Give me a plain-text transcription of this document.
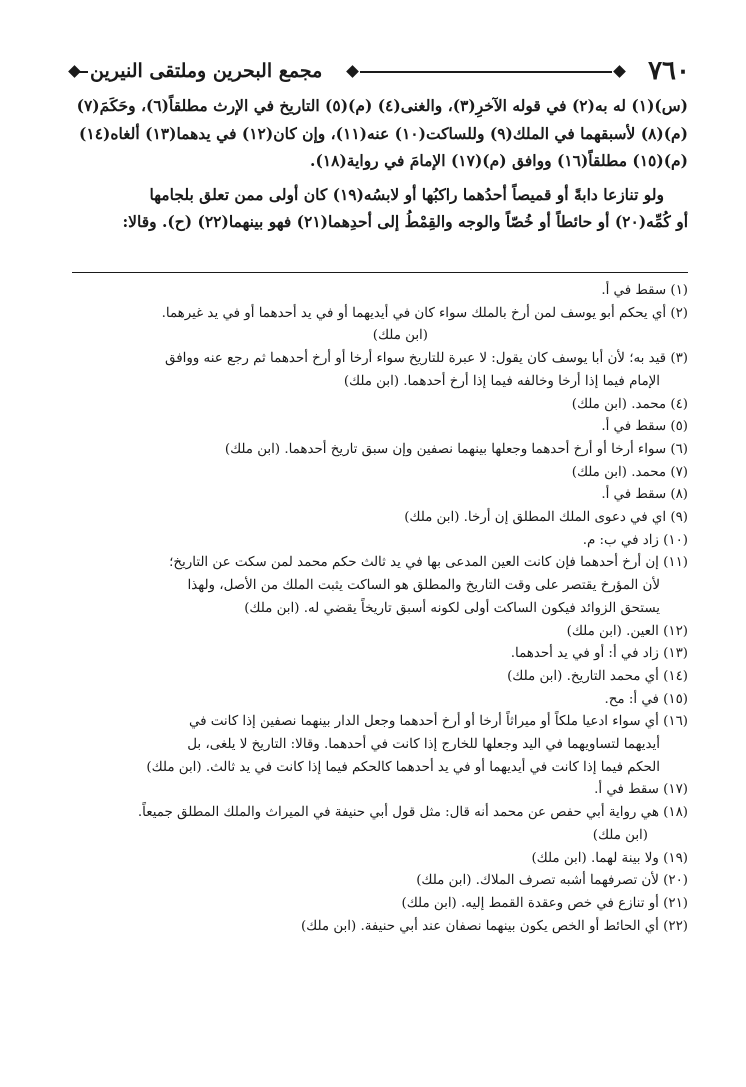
٧٦٠
مجمع البحرين وملتقى النيرين

(س)(١) له به(٢) في قوله الآخرِ(٣)، والغنى(٤) (م)(٥) التاريخ في الإرث مطلقاً(٦)، وحَكَمَ(٧)

(م)(٨) لأسبقهما في الملك(٩) وللساكت(١٠) عنه(١١)، وإن كان(١٢) في يدهما(١٣) ألغاه(١٤)

(م)(١٥) مطلقاً(١٦) ووافق (م)(١٧) الإمامَ في رواية(١٨).

ولو تنازعا دابةً أو قميصاً أحدُهما راكبُها أو لابسُه(١٩) كان أولى ممن تعلق بلجامها

أو كُمِّه(٢٠) أو حائطاً أو خُصّاً والوجه والقِمْطُ إلى أحدِهما(٢١) فهو بينهما(٢٢) (ح). وقالا:

(١) سقط في أ.

(٢) أي يحكم أبو يوسف لمن أرخ بالملك سواء كان في أيديهما أو في يد أحدهما أو في يد غيرهما.

(ابن ملك)

(٣) قيد به؛ لأن أبا يوسف كان يقول: لا عبرة للتاريخ سواء أرخا أو أرخ أحدهما ثم رجع عنه ووافق

الإمام فيما إذا أرخا وخالفه فيما إذا أرخ أحدهما. (ابن ملك)

(٤) محمد. (ابن ملك)

(٥) سقط في أ.

(٦) سواء أرخا أو أرخ أحدهما وجعلها بينهما نصفين وإن سبق تاريخ أحدهما. (ابن ملك)

(٧) محمد. (ابن ملك)

(٨) سقط في أ.

(٩) اي في دعوى الملك المطلق إن أرخا. (ابن ملك)

(١٠) زاد في ب: م.

(١١) إن أرخ أحدهما فإن كانت العين المدعى بها في يد ثالث حكم محمد لمن سكت عن التاريخ؛

لأن المؤرخ يقتصر على وقت التاريخ والمطلق هو الساكت يثبت الملك من الأصل، ولهذا

يستحق الزوائد فيكون الساكت أولى لكونه أسبق تاريخاً يقضي له. (ابن ملك)

(١٢) العين. (ابن ملك)

(١٣) زاد في أ: أو في يد أحدهما.

(١٤) أي محمد التاريخ. (ابن ملك)

(١٥) في أ: مح.

(١٦) أي سواء ادعيا ملكاً أو ميراثاً أرخا أو أرخ أحدهما وجعل الدار بينهما نصفين إذا كانت في

أيديهما لتساويهما في اليد وجعلها للخارج إذا كانت في أحدهما. وقالا: التاريخ لا يلغى، بل

الحكم فيما إذا كانت في أيديهما أو في يد أحدهما كالحكم فيما إذا كانت في يد ثالث. (ابن ملك)

(١٧) سقط في أ.

(١٨) هي رواية أبي حفص عن محمد أنه قال: مثل قول أبي حنيفة في الميراث والملك المطلق جميعاً.

(ابن ملك)

(١٩) ولا بينة لهما. (ابن ملك)

(٢٠) لأن تصرفهما أشبه تصرف الملاك. (ابن ملك)

(٢١) أو تنازع في خص وعقدة القمط إليه. (ابن ملك)

(٢٢) أي الحائط أو الخص يكون بينهما نصفان عند أبي حنيفة. (ابن ملك)
